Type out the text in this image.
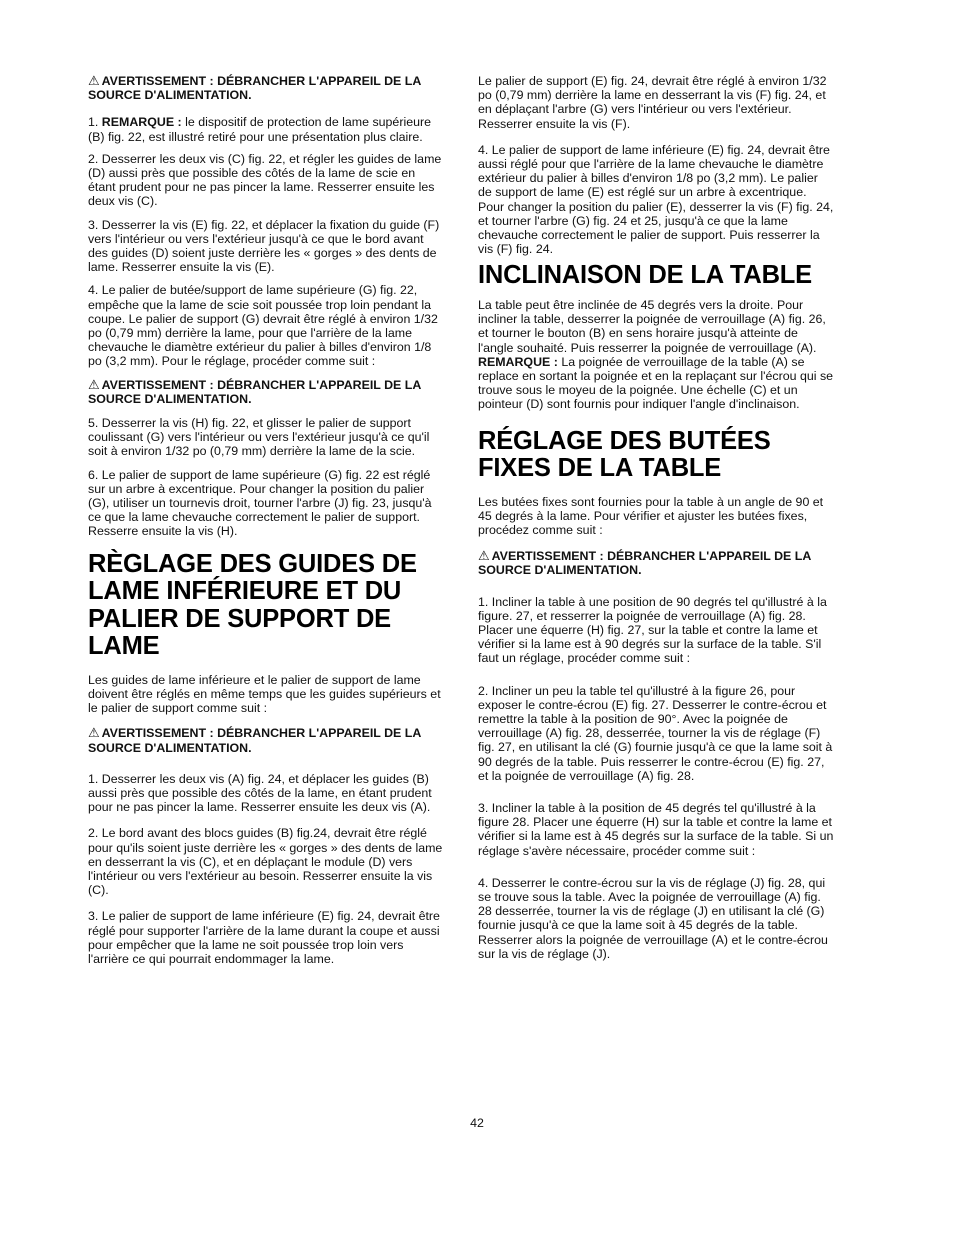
⚠ AVERTISSEMENT : DÉBRANCHER L'APPAREIL DE LA SOURCE D'ALIMENTATION.

1. REMARQUE : le dispositif de protection de lame supérieure (B) fig. 22, est illustré retiré pour une présentation plus claire.

2. Desserrer les deux vis (C) fig. 22, et régler les guides de lame (D) aussi près que possible des côtés de la lame de scie en étant prudent pour ne pas pincer la lame. Resserrer ensuite les deux vis (C).

3. Desserrer la vis (E) fig. 22, et déplacer la fixation du guide (F) vers l'intérieur ou vers l'extérieur jusqu'à ce que le bord avant des guides (D) soient juste derrière les « gorges » des dents de lame. Resserrer ensuite la vis (E).

4. Le palier de butée/support de lame supérieure (G) fig. 22, empêche que la lame de scie soit poussée trop loin pendant la coupe. Le palier de support (G) devrait être réglé à environ 1/32 po (0,79 mm) derrière la lame, pour que l'arrière de la lame chevauche le diamètre extérieur du palier à billes d'environ 1/8 po (3,2 mm). Pour le réglage, procéder comme suit :

⚠ AVERTISSEMENT : DÉBRANCHER L'APPAREIL DE LA SOURCE D'ALIMENTATION.

5. Desserrer la vis (H) fig. 22, et glisser le palier de support coulissant (G) vers l'intérieur ou vers l'extérieur jusqu'à ce qu'il soit à environ 1/32 po (0,79 mm) derrière la lame de la scie.

6. Le palier de support de lame supérieure (G) fig. 22 est réglé sur un arbre à excentrique. Pour changer la position du palier (G), utiliser un tournevis droit, tourner l'arbre (J) fig. 23, jusqu'à ce que la lame chevauche correctement le palier de support. Resserre ensuite la vis (H).

RÈGLAGE DES GUIDES DE LAME INFÉRIEURE ET DU PALIER DE SUPPORT DE LAME

Les guides de lame inférieure et le palier de support de lame doivent être réglés en même temps que les guides supérieurs et le palier de support comme suit :

⚠ AVERTISSEMENT : DÉBRANCHER L'APPAREIL DE LA SOURCE D'ALIMENTATION.

1. Desserrer les deux vis (A) fig. 24, et déplacer les guides (B) aussi près que possible des côtés de la lame, en étant prudent pour ne pas pincer la lame. Resserrer ensuite les deux vis (A).

2. Le bord avant des blocs guides (B) fig.24, devrait être réglé pour qu'ils soient juste derrière les « gorges » des dents de lame en desserrant la vis (C), et en déplaçant le module (D) vers l'intérieur ou vers l'extérieur au besoin. Resserrer ensuite la vis (C).

3. Le palier de support de lame inférieure (E) fig. 24, devrait être réglé pour supporter l'arrière de la lame durant la coupe et aussi pour empêcher que la lame ne soit poussée trop loin vers l'arrière ce qui pourrait endommager la lame.

Le palier de support (E) fig. 24, devrait être réglé à environ 1/32 po (0,79 mm) derrière la lame en desserrant la vis (F) fig. 24, et en déplaçant l'arbre (G) vers l'intérieur ou vers l'extérieur. Resserrer ensuite la vis (F).

4. Le palier de support de lame inférieure (E) fig. 24, devrait être aussi réglé pour que l'arrière de la lame chevauche le diamètre extérieur du palier à billes d'environ 1/8 po (3,2 mm). Le palier de support de lame (E) est réglé sur un arbre à excentrique. Pour changer la position du palier (E), desserrer la vis (F) fig. 24, et tourner l'arbre (G) fig. 24 et 25, jusqu'à ce que la lame chevauche correctement le palier de support. Puis resserrer la vis (F) fig. 24.

INCLINAISON DE LA TABLE

La table peut être inclinée de 45 degrés vers la droite. Pour incliner la table, desserrer la poignée de verrouillage (A) fig. 26, et tourner le bouton (B) en sens horaire jusqu'à atteinte de l'angle souhaité. Puis resserrer la poignée de verrouillage (A). REMARQUE : La poignée de verrouillage de la table (A) se replace en sortant la poignée et en la replaçant sur l'écrou qui se trouve sous le moyeu de la poignée. Une échelle (C) et un pointeur (D) sont fournis pour indiquer l'angle d'inclinaison.

RÉGLAGE DES BUTÉES FIXES DE LA TABLE

Les butées fixes sont fournies pour la table à un angle de 90 et 45 degrés à la lame. Pour vérifier et ajuster les butées fixes, procédez comme suit :

⚠ AVERTISSEMENT : DÉBRANCHER L'APPAREIL DE LA SOURCE D'ALIMENTATION.

1. Incliner la table à une position de 90 degrés tel qu'illustré à la figure. 27, et resserrer la poignée de verrouillage (A) fig. 28. Placer une équerre (H) fig. 27, sur la table et contre la lame et vérifier si la lame est à 90 degrés sur la surface de la table. S'il faut un réglage, procéder comme suit :

2. Incliner un peu la table tel qu'illustré à la figure 26, pour exposer le contre-écrou (E) fig. 27. Desserrer le contre-écrou et remettre la table à la position de 90°. Avec la poignée de verrouillage (A) fig. 28, desserrée, tourner la vis de réglage (F) fig. 27, en utilisant la clé (G) fournie jusqu'à ce que la lame soit à 90 degrés de la table. Puis resserrer le contre-écrou (E) fig. 27, et la poignée de verrouillage (A) fig. 28.

3. Incliner la table à la position de 45 degrés tel qu'illustré à la figure 28. Placer une équerre (H) sur la table et contre la lame et vérifier si la lame est à 45 degrés sur la surface de la table. Si un réglage s'avère nécessaire, procéder comme suit :

4. Desserrer le contre-écrou sur la vis de réglage (J) fig. 28, qui se trouve sous la table. Avec la poignée de verrouillage (A) fig. 28 desserrée, tourner la vis de réglage (J) en utilisant la clé (G) fournie jusqu'à ce que la lame soit à 45 degrés de la table. Resserrer alors la poignée de verrouillage (A) et le contre-écrou sur la vis de réglage (J).

42
